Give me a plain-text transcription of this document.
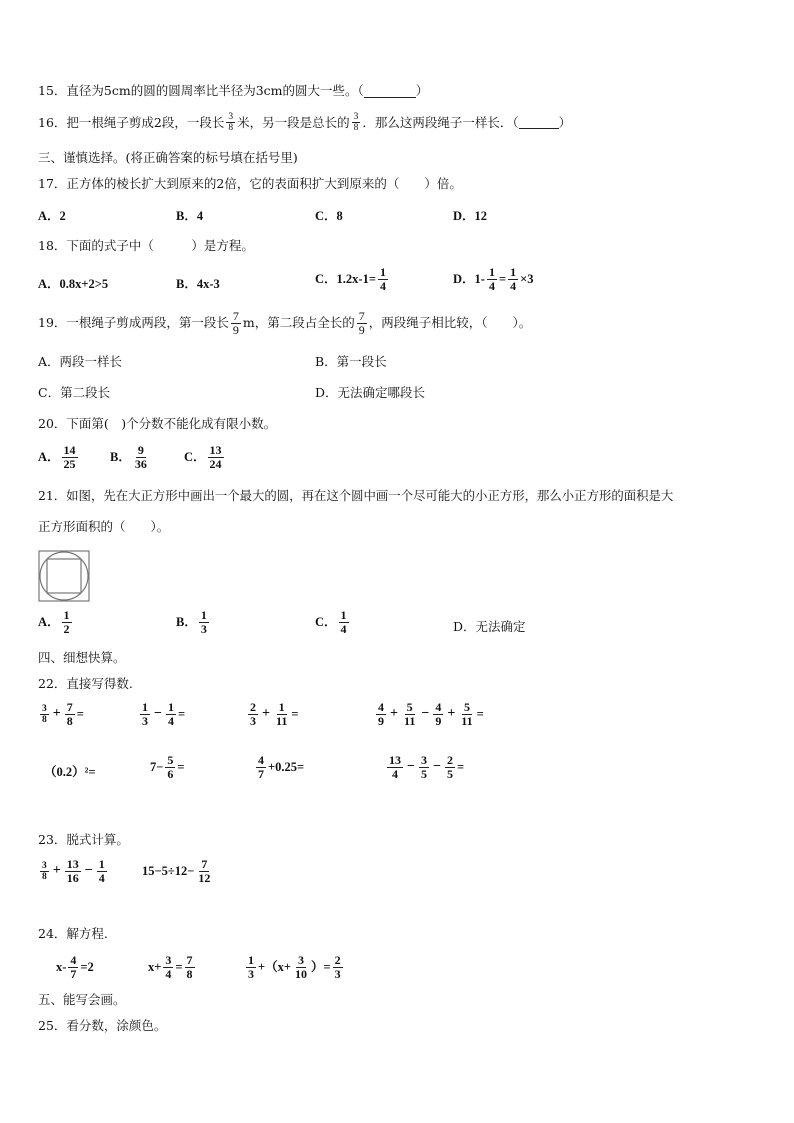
15．直径为5cm的圆的圆周率比半径为3cm的圆大一些。（	）
16．把一根绳子剪成2段，一段长 $\frac{3}{8}$ 米，另一段是总长的 $\frac{3}{8}$ ．那么这两段绳子一样长．（	）
三、谨慎选择。(将正确答案的标号填在括号里)
17．正方体的棱长扩大到原来的2倍，它的表面积扩大到原来的（　　）倍。
A．2	B．4	C．8	D．12
18．下面的式子中（　　　）是方程。
A．0.8x+2>5	B．4x-3	C．$1.2x-1= \frac{1}{4}$	D．$1- \frac{1}{4} = \frac{1}{4} \times 3$
19．一根绳子剪成两段，第一段长 $\frac{7}{9}$ m，第二段占全长的 $\frac{7}{9}$ ，两段绳子相比较，（　　）。
A．两段一样长	B．第一段长
C．第二段长	D．无法确定哪段长
20．下面第(　)个分数不能化成有限小数。
A． $\frac{14}{25}$	B． $\frac{9}{36}$	C． $\frac{13}{24}$
21．如图，先在大正方形中画出一个最大的圆，再在这个圆中画一个尽可能大的小正方形，那么小正方形的面积是大
正方形面积的（　　）。
A． $\frac{1}{2}$	B． $\frac{1}{3}$	C． $\frac{1}{4}$	D．无法确定
四、细想快算。
22．直接写得数.
$\frac{3}{8} + \frac{7}{8}$ =	$\frac{1}{3} - \frac{1}{4}$ =	$\frac{2}{3} + \frac{1}{11}$ =	$\frac{4}{9} + \frac{5}{11} - \frac{4}{9} + \frac{5}{11}$ =
（0.2）²=	$7- \frac{5}{6}$ =	$\frac{4}{7} +0.25=$	$\frac{13}{4} - \frac{3}{5} - \frac{2}{5}$ =
23．脱式计算。
$\frac{3}{8} + \frac{13}{16} - \frac{1}{4}$	$15-5\div 12- \frac{7}{12}$
24．解方程.
$x- \frac{4}{7} =2$	$x+ \frac{3}{4} = \frac{7}{8}$	$\frac{1}{3} +(x+ \frac{3}{10}$ ）= $\frac{2}{3}$
五、能写会画。
25．看分数，涂颜色。
